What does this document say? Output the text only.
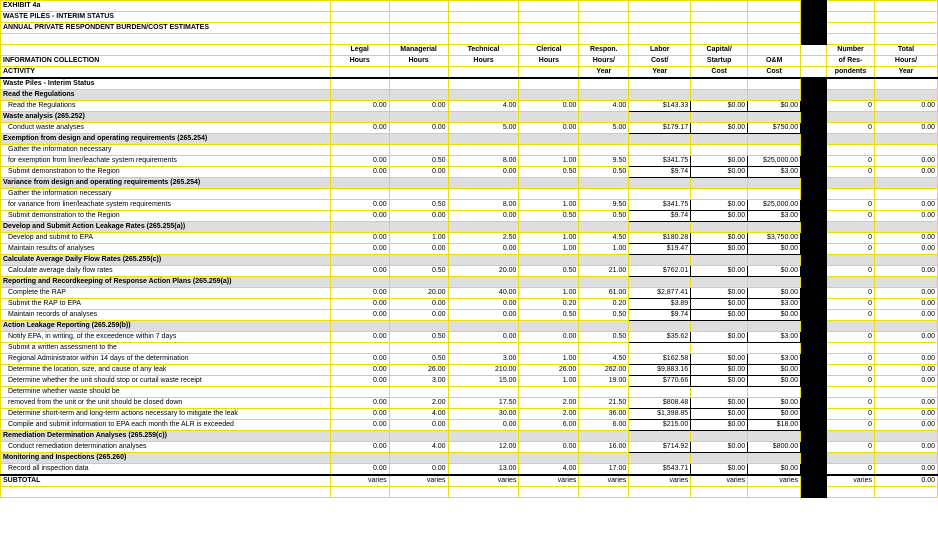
EXHIBIT 4a											
WASTE PILES - INTERIM STATUS											
ANNUAL PRIVATE RESPONDENT BURDEN/COST ESTIMATES											

	Legal	Managerial	Technical	Clerical	Respon.	Labor	Capital/			Number	Total
INFORMATION COLLECTION	Hours	Hours	Hours	Hours	Hours/	Cost/	Startup	O&M		of Res-	Hours/
ACTIVITY					Year	Year	Cost	Cost		pondents	Year
Waste Piles - Interim Status											
Read the Regulations											
Read the Regulations	0.00	0.00	4.00	0.00	4.00	$143.33	$0.00	$0.00		0	0.00
Waste analysis (265.252)											
Conduct waste analyses	0.00	0.00	5.00	0.00	5.00	$179.17	$0.00	$750.00		0	0.00
Exemption from design and operating requirements (265.254)											
Gather the information necessary											
for exemption from liner/leachate system requirements	0.00	0.50	8.00	1.00	9.50	$341.75	$0.00	$25,000.00		0	0.00
Submit demonstration to the Region	0.00	0.00	0.00	0.50	0.50	$9.74	$0.00	$3.00		0	0.00
Variance from design and operating requirements (265.254)											
Gather the information necessary											
for variance from liner/leachate system requirements	0.00	0.50	8.00	1.00	9.50	$341.75	$0.00	$25,000.00		0	0.00
Submit demonstration to the Region	0.00	0.00	0.00	0.50	0.50	$9.74	$0.00	$3.00		0	0.00
Develop and Submit Action Leakage Rates (265.255(a))											
Develop and submit to EPA	0.00	1.00	2.50	1.00	4.50	$180.28	$0.00	$3,750.00		0	0.00
Maintain results of analyses	0.00	0.00	0.00	1.00	1.00	$19.47	$0.00	$0.00		0	0.00
Calculate Average Daily Flow Rates (265.255(c))											
Calculate average daily flow rates	0.00	0.50	20.00	0.50	21.00	$762.01	$0.00	$0.00		0	0.00
Reporting and Recordkeeping of Response Action Plans (265.259(a))											
Complete the RAP	0.00	20.00	40.00	1.00	61.00	$2,877.41	$0.00	$0.00		0	0.00
Submit the RAP to EPA	0.00	0.00	0.00	0.20	0.20	$3.89	$0.00	$3.00		0	0.00
Maintain records of analyses	0.00	0.00	0.00	0.50	0.50	$9.74	$0.00	$0.00		0	0.00
Action Leakage Reporting (265.259(b))											
Notify EPA, in writing, of the exceedence within 7 days	0.00	0.50	0.00	0.00	0.50	$35.62	$0.00	$3.00		0	0.00
Submit a written assessment to the											
Regional Administrator within 14 days of the determination	0.00	0.50	3.00	1.00	4.50	$162.58	$0.00	$3.00		0	0.00
Determine the location, size, and cause of any leak	0.00	26.00	210.00	26.00	262.00	$9,883.16	$0.00	$0.00		0	0.00
Determine whether the unit should stop or curtail waste receipt	0.00	3.00	15.00	1.00	19.00	$770.66	$0.00	$0.00		0	0.00
Determine whether waste should be											
removed from the unit or the unit should be closed down	0.00	2.00	17.50	2.00	21.50	$808.48	$0.00	$0.00		0	0.00
Determine short-term and long-term actions necessary to mitigate the leak	0.00	4.00	30.00	2.00	36.00	$1,398.85	$0.00	$0.00		0	0.00
Compile and submit information to EPA each month the ALR is exceeded	0.00	0.00	0.00	6.00	6.00	$215.00	$0.00	$18.00		0	0.00
Remediation Determination Analyses (265.259(c))											
Conduct remediation determination analyses	0.00	4.00	12.00	0.00	16.00	$714.92	$0.00	$800.00		0	0.00
Monitoring and Inspections (265.260)											
Record all inspection data	0.00	0.00	13.00	4.00	17.00	$543.71	$0.00	$0.00		0	0.00
SUBTOTAL	varies	varies	varies	varies	varies	varies	varies	varies		varies	0.00
